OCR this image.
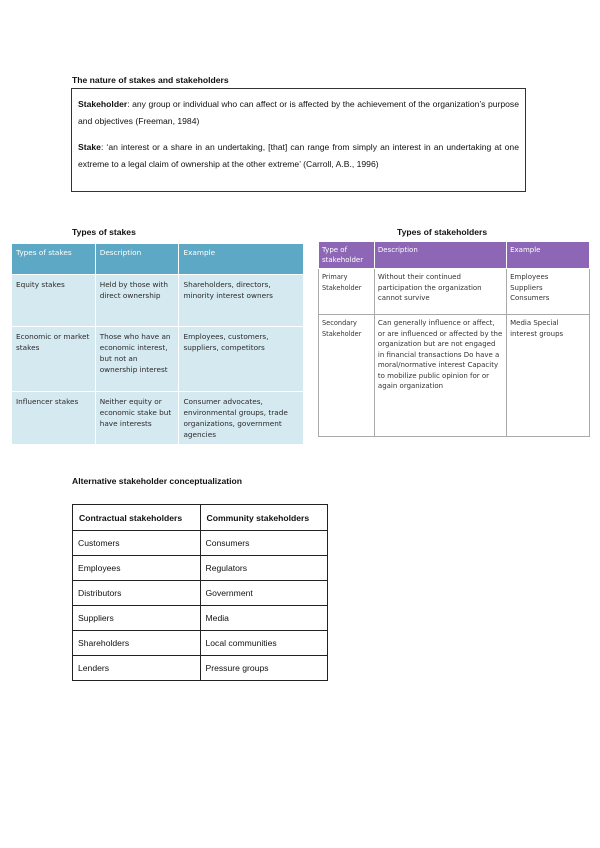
The nature of stakes and stakeholders

Stakeholder: any group or individual who can affect or is affected by the achievement of the organization’s purpose and objectives (Freeman, 1984)

Stake: ‘an interest or a share in an undertaking, [that] can range from simply an interest in an undertaking at one extreme to a legal claim of ownership at the other extreme’ (Carroll, A.B., 1996)

Types of stakes
Types of stakes	Description	Example
Equity stakes	Held by those with direct ownership	Shareholders, directors, minority interest owners
Economic or market stakes	Those who have an economic interest, but not an ownership interest	Employees, customers, suppliers, competitors
Influencer stakes	Neither equity or economic stake but have interests	Consumer advocates, environmental groups, trade organizations, government agencies
Types of stakeholders
Type of stakeholder	Description	Example
Primary Stakeholder	Without their continued participation the organization cannot survive	Employees Suppliers Consumers
Secondary Stakeholder	Can generally influence or affect, or are influenced or affected by the organization but are not engaged in financial transactions Do have a moral/normative interest Capacity to mobilize public opinion for or again organization	Media Special interest groups
Alternative stakeholder conceptualization
Contractual stakeholders	Community stakeholders
Customers	Consumers
Employees	Regulators
Distributors	Government
Suppliers	Media
Shareholders	Local communities
Lenders	Pressure groups
